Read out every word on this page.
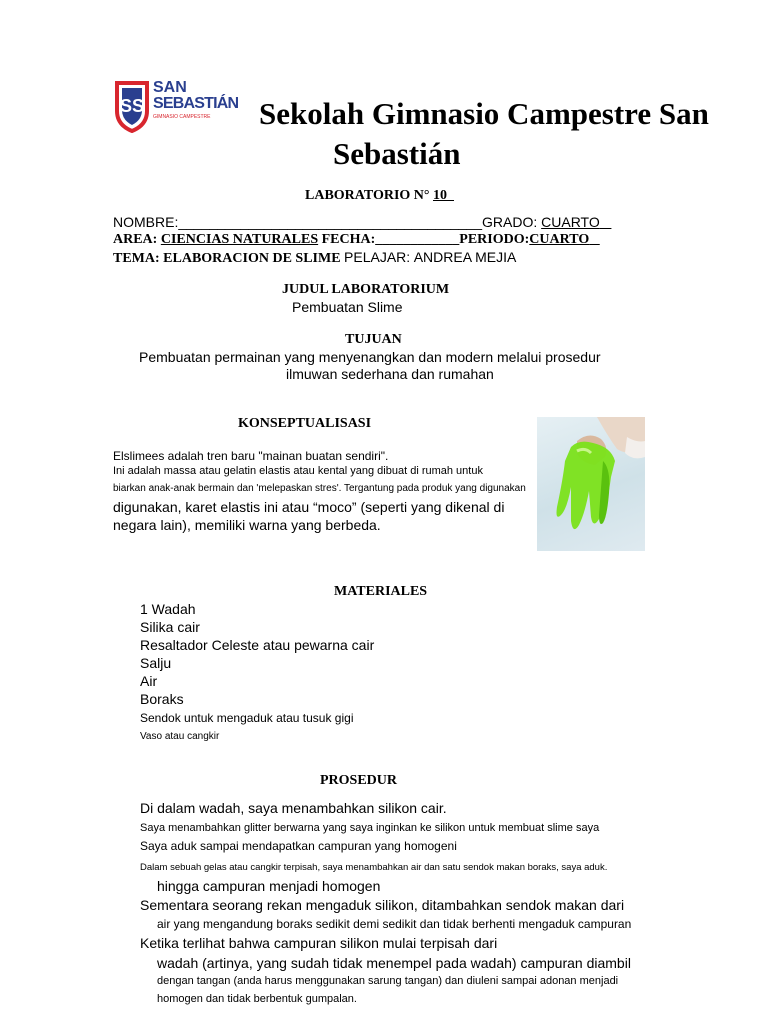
SS
SAN
SEBASTIÁN
GIMNASIO CAMPESTRE Sekolah Gimnasio Campestre San
Sebastián
LABORATORIO N° 10
NOMBRE:_______________________________________GRADO: CUARTO
AREA: CIENCIAS NATURALES FECHA:____________PERIODO:CUARTO
TEMA: ELABORACION DE SLIME PELAJAR: ANDREA MEJIA
JUDUL LABORATORIUM
Pembuatan Slime
TUJUAN
Pembuatan permainan yang menyenangkan dan modern melalui prosedur
ilmuwan sederhana dan rumahan
KONSEPTUALISASI
Elslimees adalah tren baru "mainan buatan sendiri".
Ini adalah massa atau gelatin elastis atau kental yang dibuat di rumah untuk
biarkan anak-anak bermain dan 'melepaskan stres'. Tergantung pada produk yang digunakan
digunakan, karet elastis ini atau “moco” (seperti yang dikenal di
negara lain), memiliki warna yang berbeda.
MATERIALES
1 Wadah
Silika cair
Resaltador Celeste atau pewarna cair
Salju
Air
Boraks
Sendok untuk mengaduk atau tusuk gigi
Vaso atau cangkir
PROSEDUR
Di dalam wadah, saya menambahkan silikon cair.
Saya menambahkan glitter berwarna yang saya inginkan ke silikon untuk membuat slime saya
Saya aduk sampai mendapatkan campuran yang homogeni
Dalam sebuah gelas atau cangkir terpisah, saya menambahkan air dan satu sendok makan boraks, saya aduk.
hingga campuran menjadi homogen
Sementara seorang rekan mengaduk silikon, ditambahkan sendok makan dari
air yang mengandung boraks sedikit demi sedikit dan tidak berhenti mengaduk campuran
Ketika terlihat bahwa campuran silikon mulai terpisah dari
wadah (artinya, yang sudah tidak menempel pada wadah) campuran diambil
dengan tangan (anda harus menggunakan sarung tangan) dan diuleni sampai adonan menjadi
homogen dan tidak berbentuk gumpalan.
